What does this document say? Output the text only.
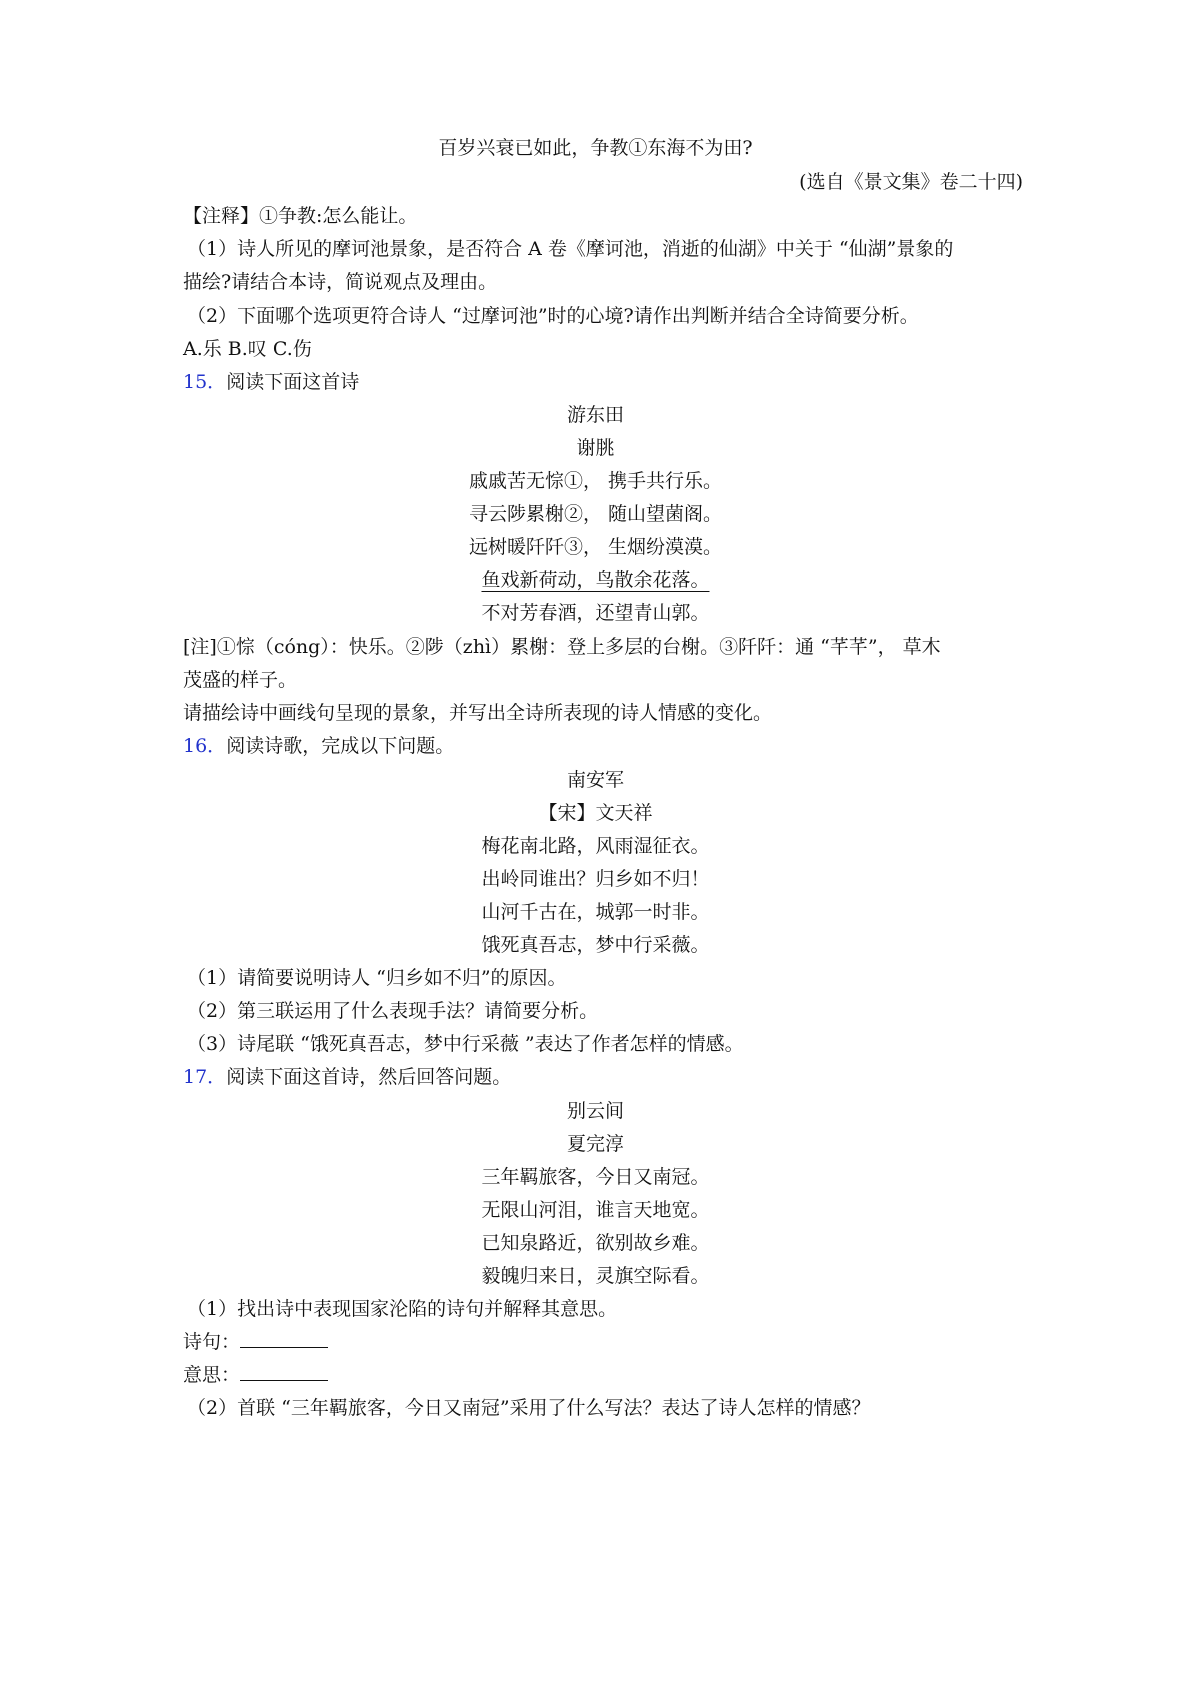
百岁兴衰已如此，争教①东海不为田?
(选自《景文集》卷二十四)
【注释】①争教:怎么能让。
（1）诗人所见的摩诃池景象，是否符合 A 卷《摩诃池，消逝的仙湖》中关于 “仙湖”景象的
描绘?请结合本诗，简说观点及理由。
（2）下面哪个选项更符合诗人 “过摩诃池”时的心境?请作出判断并结合全诗简要分析。
A.乐 B.叹 C.伤
15．阅读下面这首诗
游东田
谢朓
戚戚苦无悰①， 携手共行乐。
寻云陟累榭②， 随山望菌阁。
远树暖阡阡③， 生烟纷漠漠。
鱼戏新荷动，鸟散余花落。
不对芳春酒，还望青山郭。
[注]①悰（cóng）：快乐。②陟（zhì）累榭：登上多层的台榭。③阡阡：通 “芊芊”， 草木
茂盛的样子。
请描绘诗中画线句呈现的景象，并写出全诗所表现的诗人情感的变化。
16．阅读诗歌，完成以下问题。
南安军
【宋】文天祥
梅花南北路，风雨湿征衣。
出岭同谁出？归乡如不归！
山河千古在，城郭一时非。
饿死真吾志，梦中行采薇。
（1）请简要说明诗人 “归乡如不归”的原因。
（2）第三联运用了什么表现手法？请简要分析。
（3）诗尾联 “饿死真吾志，梦中行采薇 ”表达了作者怎样的情感。
17．阅读下面这首诗，然后回答问题。
别云间
夏完淳
三年羁旅客，今日又南冠。
无限山河泪，谁言天地宽。
已知泉路近，欲别故乡难。
毅魄归来日，灵旗空际看。
（1）找出诗中表现国家沦陷的诗句并解释其意思。
诗句：
意思：
（2）首联 “三年羁旅客，今日又南冠”采用了什么写法？表达了诗人怎样的情感？
